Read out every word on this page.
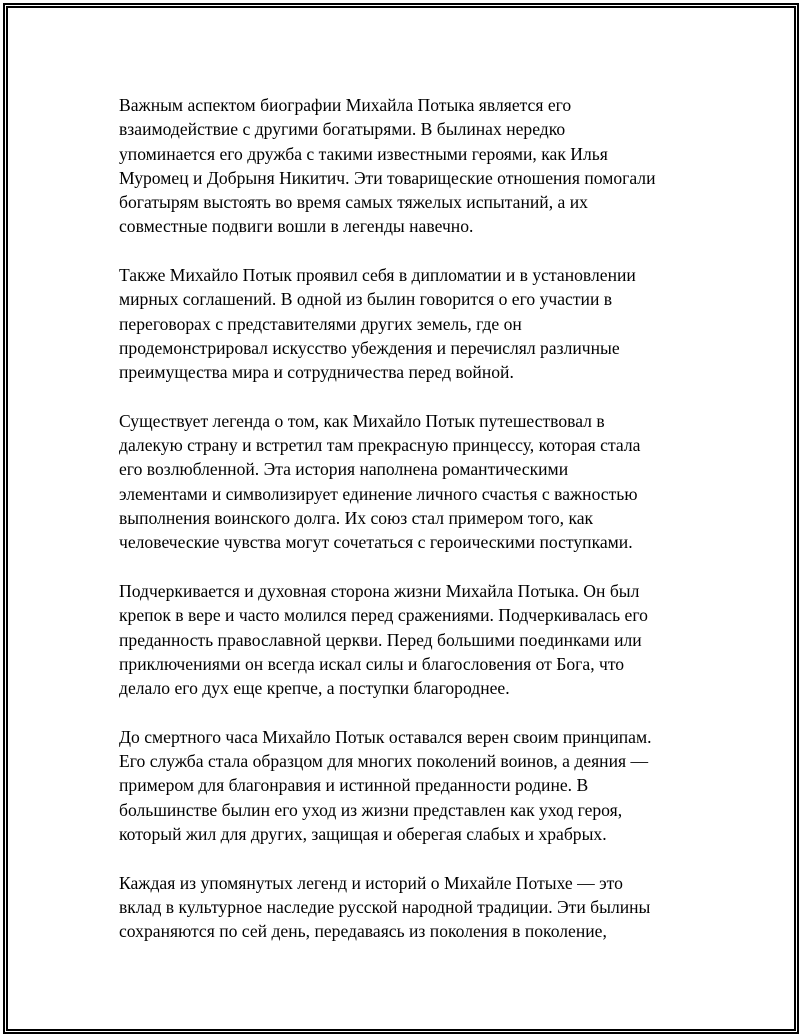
Важным аспектом биографии Михайла Потыка является его
взаимодействие с другими богатырями. В былинах нередко
упоминается его дружба с такими известными героями, как Илья
Муромец и Добрыня Никитич. Эти товарищеские отношения помогали
богатырям выстоять во время самых тяжелых испытаний, а их
совместные подвиги вошли в легенды навечно.

Также Михайло Потык проявил себя в дипломатии и в установлении
мирных соглашений. В одной из былин говорится о его участии в
переговорах с представителями других земель, где он
продемонстрировал искусство убеждения и перечислял различные
преимущества мира и сотрудничества перед войной.

Существует легенда о том, как Михайло Потык путешествовал в
далекую страну и встретил там прекрасную принцессу, которая стала
его возлюбленной. Эта история наполнена романтическими
элементами и символизирует единение личного счастья с важностью
выполнения воинского долга. Их союз стал примером того, как
человеческие чувства могут сочетаться с героическими поступками.

Подчеркивается и духовная сторона жизни Михайла Потыка. Он был
крепок в вере и часто молился перед сражениями. Подчеркивалась его
преданность православной церкви. Перед большими поединками или
приключениями он всегда искал силы и благословения от Бога, что
делало его дух еще крепче, а поступки благороднее.

До смертного часа Михайло Потык оставался верен своим принципам.
Его служба стала образцом для многих поколений воинов, а деяния —
примером для благонравия и истинной преданности родине. В
большинстве былин его уход из жизни представлен как уход героя,
который жил для других, защищая и оберегая слабых и храбрых.

Каждая из упомянутых легенд и историй о Михайле Потыхе — это
вклад в культурное наследие русской народной традиции. Эти былины
сохраняются по сей день, передаваясь из поколения в поколение,
